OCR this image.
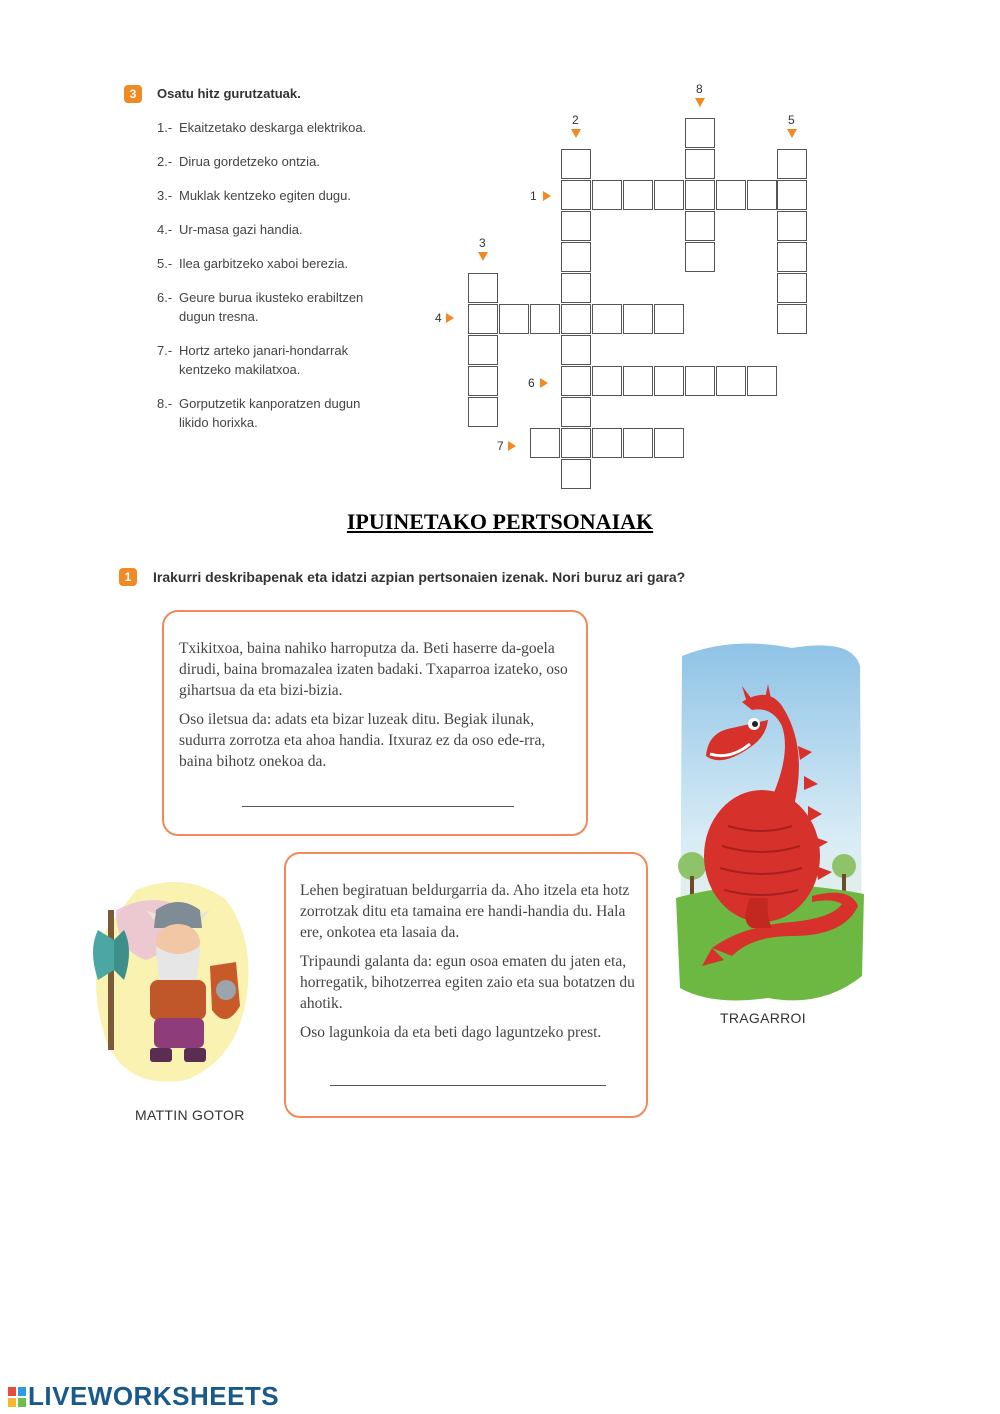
3	Osatu hitz gurutzatuak.
1.- Ekaitzetako deskarga elektrikoa.
2.- Dirua gordetzeko ontzia.
3.- Muklak kentzeko egiten dugu.
4.- Ur-masa gazi handia.
5.- Ilea garbitzeko xaboi berezia.
6.- Geure burua ikusteko erabiltzen
dugun tresna.
7.- Hortz arteko janari-hondarrak
kentzeko makilatxoa.
8.- Gorputzetik kanporatzen dugun
likido horixka.
8
2	5
3
1
4
6
7
IPUINETAKO PERTSONAIAK
1	Irakurri deskribapenak eta idatzi azpian pertsonaien izenak. Nori buruz ari gara?

Txikitxoa, baina nahiko harroputza da. Beti haserre da-goela dirudi, baina bromazalea izaten badaki. Txaparroa izateko, oso gihartsua da eta bizi-bizia.

Oso iletsua da: adats eta bizar luzeak ditu. Begiak ilunak, sudurra zorrotza eta ahoa handia. Itxuraz ez da oso ede-rra, baina bihotz onekoa da.

Lehen begiratuan beldurgarria da. Aho itzela eta hotz zorrotzak ditu eta tamaina ere handi-handia du. Hala ere, onkotea eta lasaia da.

Tripaundi galanta da: egun osoa ematen du jaten eta, horregatik, bihotzerrea egiten zaio eta sua botatzen du ahotik.

Oso lagunkoia da eta beti dago laguntzeko prest.

TRAGARROI
MATTIN GOTOR
LIVEWORKSHEETS
